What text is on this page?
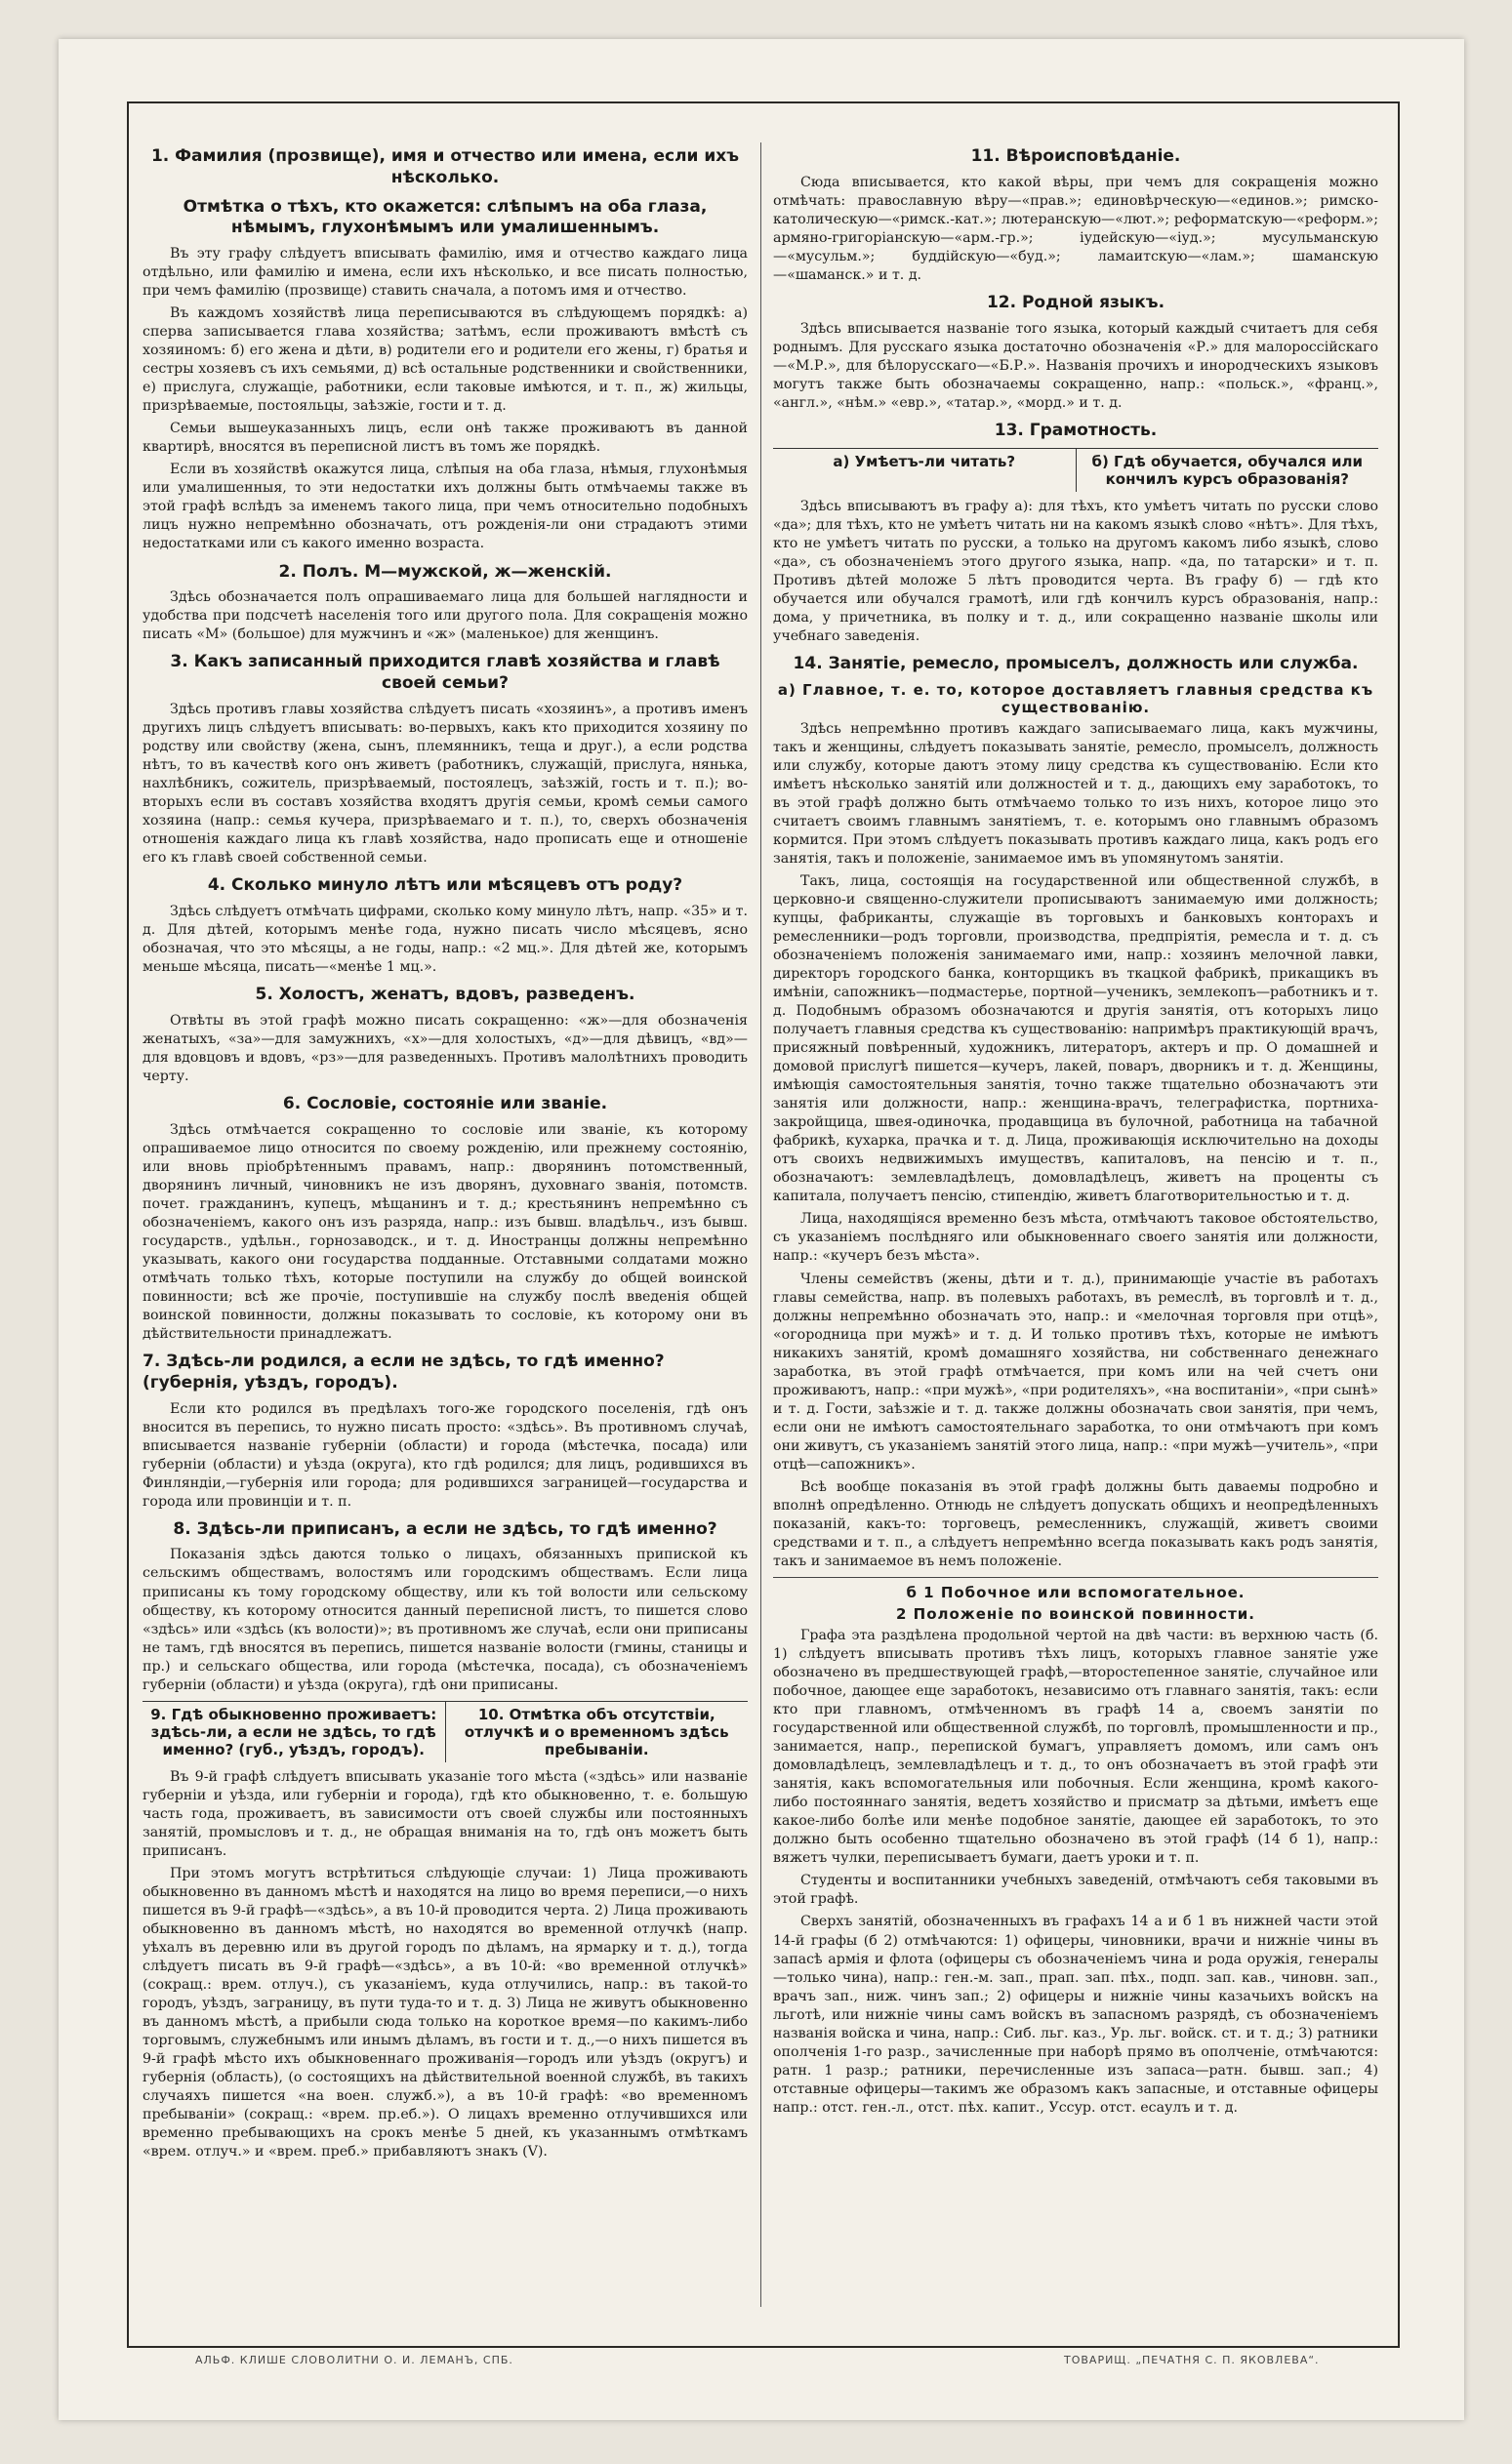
1. Фамилия (прозвище), имя и отчество или имена, если ихъ нѣсколько.
Отмѣтка о тѣхъ, кто окажется: слѣпымъ на оба глаза, нѣмымъ, глухонѣмымъ или умалишеннымъ.

Въ эту графу слѣдуетъ вписывать фамилію, имя и отчество каждаго лица отдѣльно, или фамилію и имена, если ихъ нѣсколько, и все писать полностью, при чемъ фамилію (прозвище) ставить сначала, а потомъ имя и отчество.

Въ каждомъ хозяйствѣ лица переписываются въ слѣдующемъ порядкѣ: а) сперва записывается глава хозяйства; затѣмъ, если проживаютъ вмѣстѣ съ хозяиномъ: б) его жена и дѣти, в) родители его и родители его жены, г) братья и сестры хозяевъ съ ихъ семьями, д) всѣ остальные родственники и свойственники, е) прислуга, служащіе, работники, если таковые имѣются, и т. п., ж) жильцы, призрѣваемые, постояльцы, заѣзжіе, гости и т. д.

Семьи вышеуказанныхъ лицъ, если онѣ также проживаютъ въ данной квартирѣ, вносятся въ переписной листъ въ томъ же порядкѣ.

Если въ хозяйствѣ окажутся лица, слѣпыя на оба глаза, нѣмыя, глухонѣмыя или умалишенныя, то эти недостатки ихъ должны быть отмѣчаемы также въ этой графѣ вслѣдъ за именемъ такого лица, при чемъ относительно подобныхъ лицъ нужно непремѣнно обозначать, отъ рожденія-ли они страдаютъ этими недостатками или съ какого именно возраста.

2. Полъ. М—мужской, ж—женскій.

Здѣсь обозначается полъ опрашиваемаго лица для большей наглядности и удобства при подсчетѣ населенія того или другого пола. Для сокращенія можно писать «М» (большое) для мужчинъ и «ж» (маленькое) для женщинъ.

3. Какъ записанный приходится главѣ хозяйства и главѣ своей семьи?

Здѣсь противъ главы хозяйства слѣдуетъ писать «хозяинъ», а противъ именъ другихъ лицъ слѣдуетъ вписывать: во-первыхъ, какъ кто приходится хозяину по родству или свойству (жена, сынъ, племянникъ, теща и друг.), а если родства нѣтъ, то въ качествѣ кого онъ живетъ (работникъ, служащій, прислуга, нянька, нахлѣбникъ, сожитель, призрѣваемый, постоялецъ, заѣзжій, гость и т. п.); во-вторыхъ если въ составъ хозяйства входятъ другія семьи, кромѣ семьи самого хозяина (напр.: семья кучера, призрѣваемаго и т. п.), то, сверхъ обозначенія отношенія каждаго лица къ главѣ хозяйства, надо прописать еще и отношеніе его къ главѣ своей собственной семьи.

4. Сколько минуло лѣтъ или мѣсяцевъ отъ роду?

Здѣсь слѣдуетъ отмѣчать цифрами, сколько кому минуло лѣтъ, напр. «35» и т. д. Для дѣтей, которымъ менѣе года, нужно писать число мѣсяцевъ, ясно обозначая, что это мѣсяцы, а не годы, напр.: «2 мц.». Для дѣтей же, которымъ меньше мѣсяца, писать—«менѣе 1 мц.».

5. Холостъ, женатъ, вдовъ, разведенъ.

Отвѣты въ этой графѣ можно писать сокращенно: «ж»—для обозначенія женатыхъ, «за»—для замужнихъ, «х»—для холостыхъ, «д»—для дѣвицъ, «вд»—для вдовцовъ и вдовъ, «рз»—для разведенныхъ. Противъ малолѣтнихъ проводить черту.

6. Сословіе, состояніе или званіе.

Здѣсь отмѣчается сокращенно то сословіе или званіе, къ которому опрашиваемое лицо относится по своему рожденію, или прежнему состоянію, или вновь пріобрѣтеннымъ правамъ, напр.: дворянинъ потомственный, дворянинъ личный, чиновникъ не изъ дворянъ, духовнаго званія, потомств. почет. гражданинъ, купецъ, мѣщанинъ и т. д.; крестьянинъ непремѣнно съ обозначеніемъ, какого онъ изъ разряда, напр.: изъ бывш. владѣльч., изъ бывш. государств., удѣльн., горнозаводск., и т. д. Иностранцы должны непремѣнно указывать, какого они государства подданные. Отставными солдатами можно отмѣчать только тѣхъ, которые поступили на службу до общей воинской повинности; всѣ же прочіе, поступившіе на службу послѣ введенія общей воинской повинности, должны показывать то сословіе, къ которому они въ дѣйствительности принадлежатъ.

7. Здѣсь-ли родился, а если не здѣсь, то гдѣ именно? (губернія, уѣздъ, городъ).

Если кто родился въ предѣлахъ того-же городского поселенія, гдѣ онъ вносится въ перепись, то нужно писать просто: «здѣсь». Въ противномъ случаѣ, вписывается названіе губерніи (области) и города (мѣстечка, посада) или губерніи (области) и уѣзда (округа), кто гдѣ родился; для лицъ, родившихся въ Финляндіи,—губернія или города; для родившихся заграницей—государства и города или провинціи и т. п.

8. Здѣсь-ли приписанъ, а если не здѣсь, то гдѣ именно?

Показанія здѣсь даются только о лицахъ, обязанныхъ припиской къ сельскимъ обществамъ, волостямъ или городскимъ обществамъ. Если лица приписаны къ тому городскому обществу, или къ той волости или сельскому обществу, къ которому относится данный переписной листъ, то пишется слово «здѣсь» или «здѣсь (къ волости)»; въ противномъ же случаѣ, если они приписаны не тамъ, гдѣ вносятся въ перепись, пишется названіе волости (гмины, станицы и пр.) и сельскаго общества, или города (мѣстечка, посада), съ обозначеніемъ губерніи (области) и уѣзда (округа), гдѣ они приписаны.

9. Гдѣ обыкновенно проживаетъ: здѣсь-ли, а если не здѣсь, то гдѣ именно? (губ., уѣздъ, городъ).
10. Отмѣтка объ отсутствіи, отлучкѣ и о временномъ здѣсь пребываніи.

Въ 9-й графѣ слѣдуетъ вписывать указаніе того мѣста («здѣсь» или названіе губерніи и уѣзда, или губерніи и города), гдѣ кто обыкновенно, т. е. большую часть года, проживаетъ, въ зависимости отъ своей службы или постоянныхъ занятій, промысловъ и т. д., не обращая вниманія на то, гдѣ онъ можетъ быть приписанъ.

При этомъ могутъ встрѣтиться слѣдующіе случаи: 1) Лица проживають обыкновенно въ данномъ мѣстѣ и находятся на лицо во время переписи,—о нихъ пишется въ 9-й графѣ—«здѣсь», а въ 10-й проводится черта. 2) Лица проживають обыкновенно въ данномъ мѣстѣ, но находятся во временной отлучкѣ (напр. уѣхалъ въ деревню или въ другой городъ по дѣламъ, на ярмарку и т. д.), тогда слѣдуетъ писать въ 9-й графѣ—«здѣсь», а въ 10-й: «во временной отлучкѣ» (сокращ.: врем. отлуч.), съ указаніемъ, куда отлучились, напр.: въ такой-то городъ, уѣздъ, заграницу, въ пути туда-то и т. д. 3) Лица не живутъ обыкновенно въ данномъ мѣстѣ, а прибыли сюда только на короткое время—по какимъ-либо торговымъ, служебнымъ или инымъ дѣламъ, въ гости и т. д.,—о нихъ пишется въ 9-й графѣ мѣсто ихъ обыкновеннаго проживанія—городъ или уѣздъ (округъ) и губернія (область), (о состоящихъ на дѣйствительной военной службѣ, въ такихъ случаяхъ пишется «на воен. служб.»), а въ 10-й графѣ: «во временномъ пребываніи» (сокращ.: «врем. пр.еб.»). О лицахъ временно отлучившихся или временно пребывающихъ на срокъ менѣе 5 дней, къ указаннымъ отмѣткамъ «врем. отлуч.» и «врем. преб.» прибавляютъ знакъ (V).

11. Вѣроисповѣданіе.

Сюда вписывается, кто какой вѣры, при чемъ для сокращенія можно отмѣчать: православную вѣру—«прав.»; единовѣрческую—«единов.»; римско-католическую—«римск.-кат.»; лютеранскую—«лют.»; реформатскую—«реформ.»; армяно-григоріанскую—«арм.-гр.»; іудейскую—«іуд.»; мусульманскую—«мусульм.»; буддійскую—«буд.»; ламаитскую—«лам.»; шаманскую—«шаманск.» и т. д.

12. Родной языкъ.

Здѣсь вписывается названіе того языка, который каждый считаетъ для себя роднымъ. Для русскаго языка достаточно обозначенія «Р.» для малороссійскаго—«М.Р.», для бѣлорусскаго—«Б.Р.». Названія прочихъ и инородческихъ языковъ могутъ также быть обозначаемы сокращенно, напр.: «польск.», «франц.», «англ.», «нѣм.» «евр.», «татар.», «морд.» и т. д.

13. Грамотность.
а) Умѣетъ-ли читать?	б) Гдѣ обучается, обучался или кончилъ курсъ образованія?

Здѣсь вписываютъ въ графу а): для тѣхъ, кто умѣетъ читать по русски слово «да»; для тѣхъ, кто не умѣетъ читать ни на какомъ языкѣ слово «нѣтъ». Для тѣхъ, кто не умѣетъ читать по русски, а только на другомъ какомъ либо языкѣ, слово «да», съ обозначеніемъ этого другого языка, напр. «да, по татарски» и т. п. Противъ дѣтей моложе 5 лѣтъ проводится черта. Въ графу б) — гдѣ кто обучается или обучался грамотѣ, или гдѣ кончилъ курсъ образованія, напр.: дома, у причетника, въ полку и т. д., или сокращенно названіе школы или учебнаго заведенія.

14. Занятіе, ремесло, промыселъ, должность или служба.
а) Главное, т. е. то, которое доставляетъ главныя средства къ существованію.

Здѣсь непремѣнно противъ каждаго записываемаго лица, какъ мужчины, такъ и женщины, слѣдуетъ показывать занятіе, ремесло, промыселъ, должность или службу, которые даютъ этому лицу средства къ существованію. Если кто имѣетъ нѣсколько занятій или должностей и т. д., дающихъ ему заработокъ, то въ этой графѣ должно быть отмѣчаемо только то изъ нихъ, которое лицо это считаетъ своимъ главнымъ занятіемъ, т. е. которымъ оно главнымъ образомъ кормится. При этомъ слѣдуетъ показывать противъ каждаго лица, какъ родъ его занятія, такъ и положеніе, занимаемое имъ въ упомянутомъ занятіи.

Такъ, лица, состоящія на государственной или общественной службѣ, в церковно-и священно-служители прописываютъ занимаемую ими должность; купцы, фабриканты, служащіе въ торговыхъ и банковыхъ конторахъ и ремесленники—родъ торговли, производства, предпріятія, ремесла и т. д. съ обозначеніемъ положенія занимаемаго ими, напр.: хозяинъ мелочной лавки, директоръ городского банка, конторщикъ въ ткацкой фабрикѣ, прикащикъ въ имѣніи, сапожникъ—подмастерье, портной—ученикъ, землекопъ—работникъ и т. д. Подобнымъ образомъ обозначаются и другія занятія, отъ которыхъ лицо получаетъ главныя средства къ существованію: напримѣръ практикующій врачъ, присяжный повѣренный, художникъ, литераторъ, актеръ и пр. О домашней и домовой прислугѣ пишется—кучеръ, лакей, поваръ, дворникъ и т. д. Женщины, имѣющія самостоятельныя занятія, точно также тщательно обозначаютъ эти занятія или должности, напр.: женщина-врачъ, телеграфистка, портниха-закройщица, швея-одиночка, продавщица въ булочной, работница на табачной фабрикѣ, кухарка, прачка и т. д. Лица, проживающія исключительно на доходы отъ своихъ недвижимыхъ имуществъ, капиталовъ, на пенсію и т. п., обозначаютъ: землевладѣлецъ, домовладѣлецъ, живетъ на проценты съ капитала, получаетъ пенсію, стипендію, живетъ благотворительностью и т. д.

Лица, находящіяся временно безъ мѣста, отмѣчаютъ таковое обстоятельство, съ указаніемъ послѣдняго или обыкновеннаго своего занятія или должности, напр.: «кучеръ безъ мѣста».

Члены семействъ (жены, дѣти и т. д.), принимающіе участіе въ работахъ главы семейства, напр. въ полевыхъ работахъ, въ ремеслѣ, въ торговлѣ и т. д., должны непремѣнно обозначать это, напр.: и «мелочная торговля при отцѣ», «огородница при мужѣ» и т. д. И только противъ тѣхъ, которые не имѣютъ никакихъ занятій, кромѣ домашняго хозяйства, ни собственнаго денежнаго заработка, въ этой графѣ отмѣчается, при комъ или на чей счетъ они проживаютъ, напр.: «при мужѣ», «при родителяхъ», «на воспитаніи», «при сынѣ» и т. д. Гости, заѣзжіе и т. д. также должны обозначать свои занятія, при чемъ, если они не имѣютъ самостоятельнаго заработка, то они отмѣчаютъ при комъ они живутъ, съ указаніемъ занятій этого лица, напр.: «при мужѣ—учитель», «при отцѣ—сапожникъ».

Всѣ вообще показанія въ этой графѣ должны быть даваемы подробно и вполнѣ опредѣленно. Отнюдь не слѣдуетъ допускать общихъ и неопредѣленныхъ показаній, какъ-то: торговецъ, ремесленникъ, служащій, живетъ своими средствами и т. п., а слѣдуетъ непремѣнно всегда показывать какъ родъ занятія, такъ и занимаемое въ немъ положеніе.

б 1 Побочное или вспомогательное.
2 Положеніе по воинской повинности.

Графа эта раздѣлена продольной чертой на двѣ части: въ верхнюю часть (б. 1) слѣдуетъ вписывать противъ тѣхъ лицъ, которыхъ главное занятіе уже обозначено въ предшествующей графѣ,—второстепенное занятіе, случайное или побочное, дающее еще заработокъ, независимо отъ главнаго занятія, такъ: если кто при главномъ, отмѣченномъ въ графѣ 14 а, своемъ занятіи по государственной или общественной службѣ, по торговлѣ, промышленности и пр., занимается, напр., перепиской бумагъ, управляетъ домомъ, или самъ онъ домовладѣлецъ, землевладѣлецъ и т. д., то онъ обозначаетъ въ этой графѣ эти занятія, какъ вспомогательныя или побочныя. Если женщина, кромѣ какого-либо постояннаго занятія, ведетъ хозяйство и присматр за дѣтьми, имѣетъ еще какое-либо болѣе или менѣе подобное занятіе, дающее ей заработокъ, то это должно быть особенно тщательно обозначено въ этой графѣ (14 б 1), напр.: вяжетъ чулки, переписываетъ бумаги, даетъ уроки и т. п.

Студенты и воспитанники учебныхъ заведеній, отмѣчаютъ себя таковыми въ этой графѣ.

Сверхъ занятій, обозначенныхъ въ графахъ 14 а и б 1 въ нижней части этой 14-й графы (б 2) отмѣчаются: 1) офицеры, чиновники, врачи и нижніе чины въ запасѣ армія и флота (офицеры съ обозначеніемъ чина и рода оружія, генералы—только чина), напр.: ген.-м. зап., прап. зап. пѣх., подп. зап. кав., чиновн. зап., врачъ зап., ниж. чинъ зап.; 2) офицеры и нижніе чины казачьихъ войскъ на льготѣ, или нижніе чины самъ войскъ въ запасномъ разрядѣ, съ обозначеніемъ названія войска и чина, напр.: Сиб. льг. каз., Ур. льг. войск. ст. и т. д.; 3) ратники ополченія 1-го разр., зачисленные при наборѣ прямо въ ополченіе, отмѣчаются: ратн. 1 разр.; ратники, перечисленные изъ запаса—ратн. бывш. зап.; 4) отставные офицеры—такимъ же образомъ какъ запасные, и отставные офицеры напр.: отст. ген.-л., отст. пѣх. капит., Уссур. отст. есаулъ и т. д.

АЛЬФ. КЛИШЕ СЛОВОЛИТНИ О. И. ЛЕМАНЪ, СПБ.	ТОВАРИЩ. „ПЕЧАТНЯ С. П. ЯКОВЛЕВА“.
